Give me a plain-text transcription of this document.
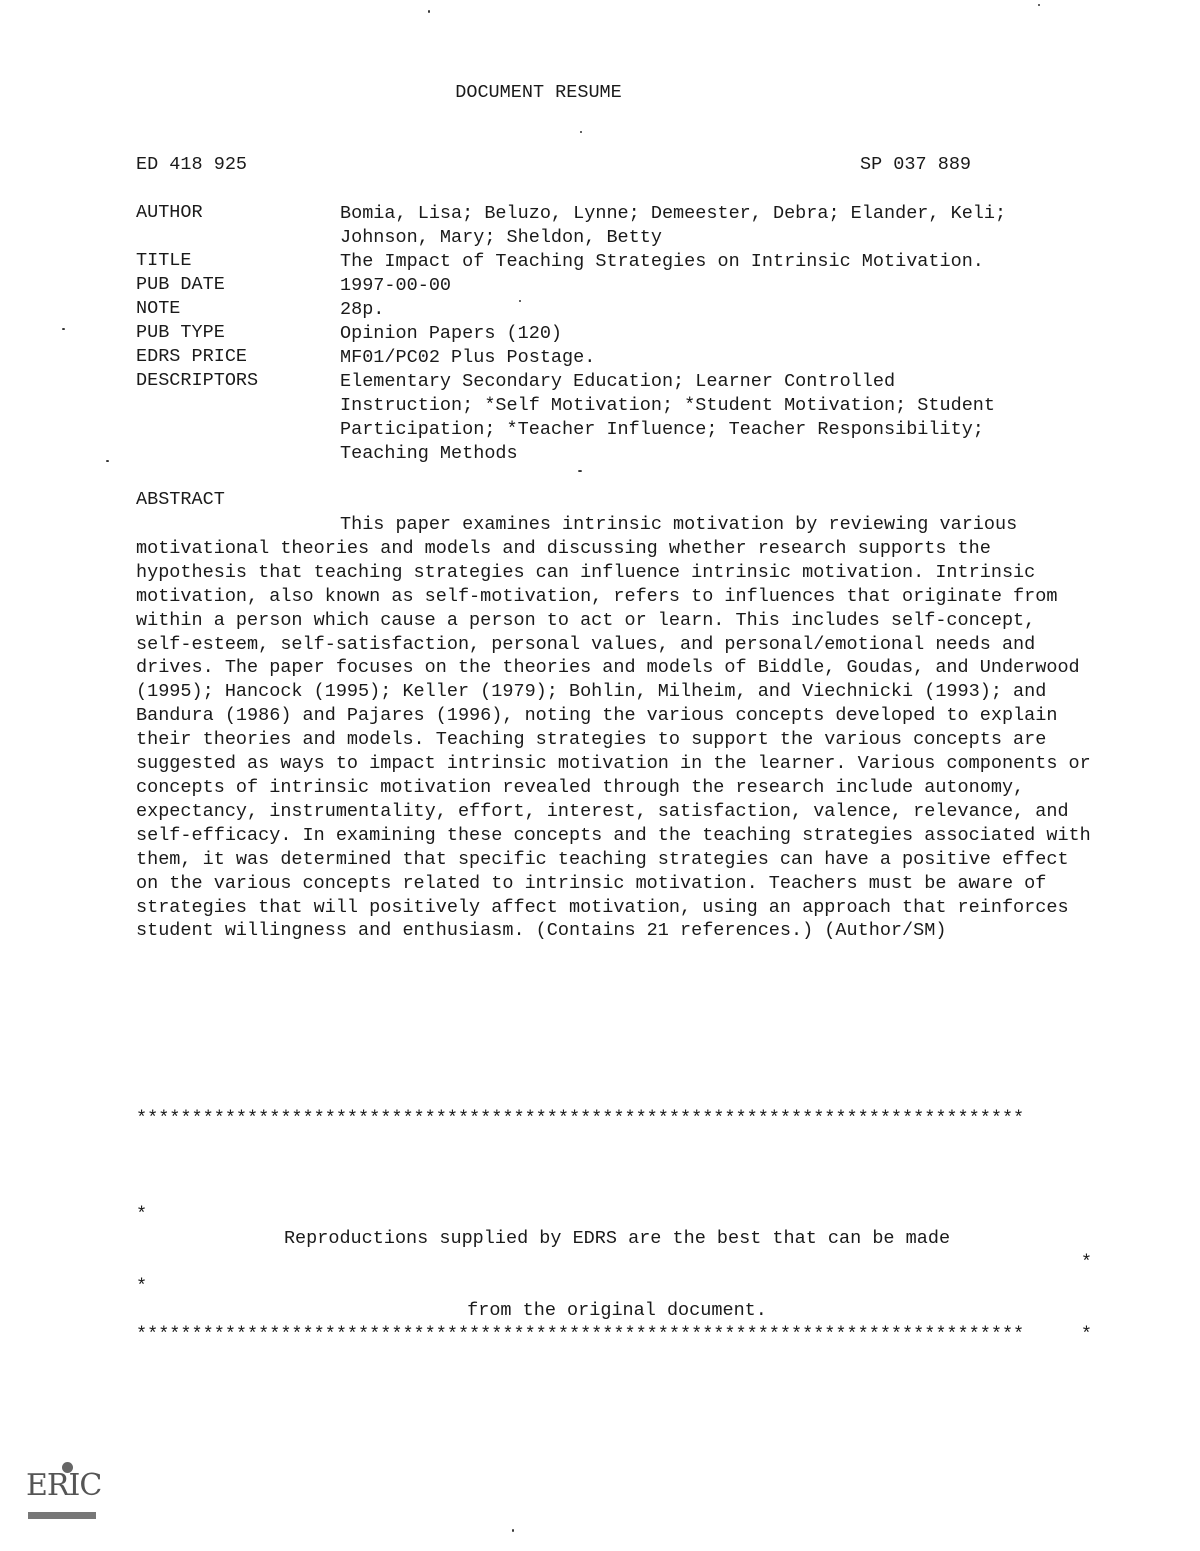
DOCUMENT RESUME
ED 418 925	SP 037 889
AUTHOR	Bomia, Lisa; Beluzo, Lynne; Demeester, Debra; Elander, Keli;
Johnson, Mary; Sheldon, Betty
TITLE	The Impact of Teaching Strategies on Intrinsic Motivation.
PUB DATE	1997-00-00
NOTE	28p.
PUB TYPE	Opinion Papers (120)
EDRS PRICE	MF01/PC02 Plus Postage.
DESCRIPTORS	Elementary Secondary Education; Learner Controlled
Instruction; *Self Motivation; *Student Motivation; Student
Participation; *Teacher Influence; Teacher Responsibility;
Teaching Methods
ABSTRACT
This paper examines intrinsic motivation by reviewing various motivational theories and models and discussing whether research supports the hypothesis that teaching strategies can influence intrinsic motivation. Intrinsic motivation, also known as self-motivation, refers to influences that originate from within a person which cause a person to act or learn. This includes self-concept, self-esteem, self-satisfaction, personal values, and personal/emotional needs and drives. The paper focuses on the theories and models of Biddle, Goudas, and Underwood (1995); Hancock (1995); Keller (1979); Bohlin, Milheim, and Viechnicki (1993); and Bandura (1986) and Pajares (1996), noting the various concepts developed to explain their theories and models. Teaching strategies to support the various concepts are suggested as ways to impact intrinsic motivation in the learner. Various components or concepts of intrinsic motivation revealed through the research include autonomy, expectancy, instrumentality, effort, interest, satisfaction, valence, relevance, and self-efficacy. In examining these concepts and the teaching strategies associated with them, it was determined that specific teaching strategies can have a positive effect on the various concepts related to intrinsic motivation. Teachers must be aware of strategies that will positively affect motivation, using an approach that reinforces student willingness and enthusiasm. (Contains 21 references.) (Author/SM)

********************************************************************************

*

Reproductions supplied by EDRS are the best that can be made

*

*

from the original document.

*

********************************************************************************

ERIC
